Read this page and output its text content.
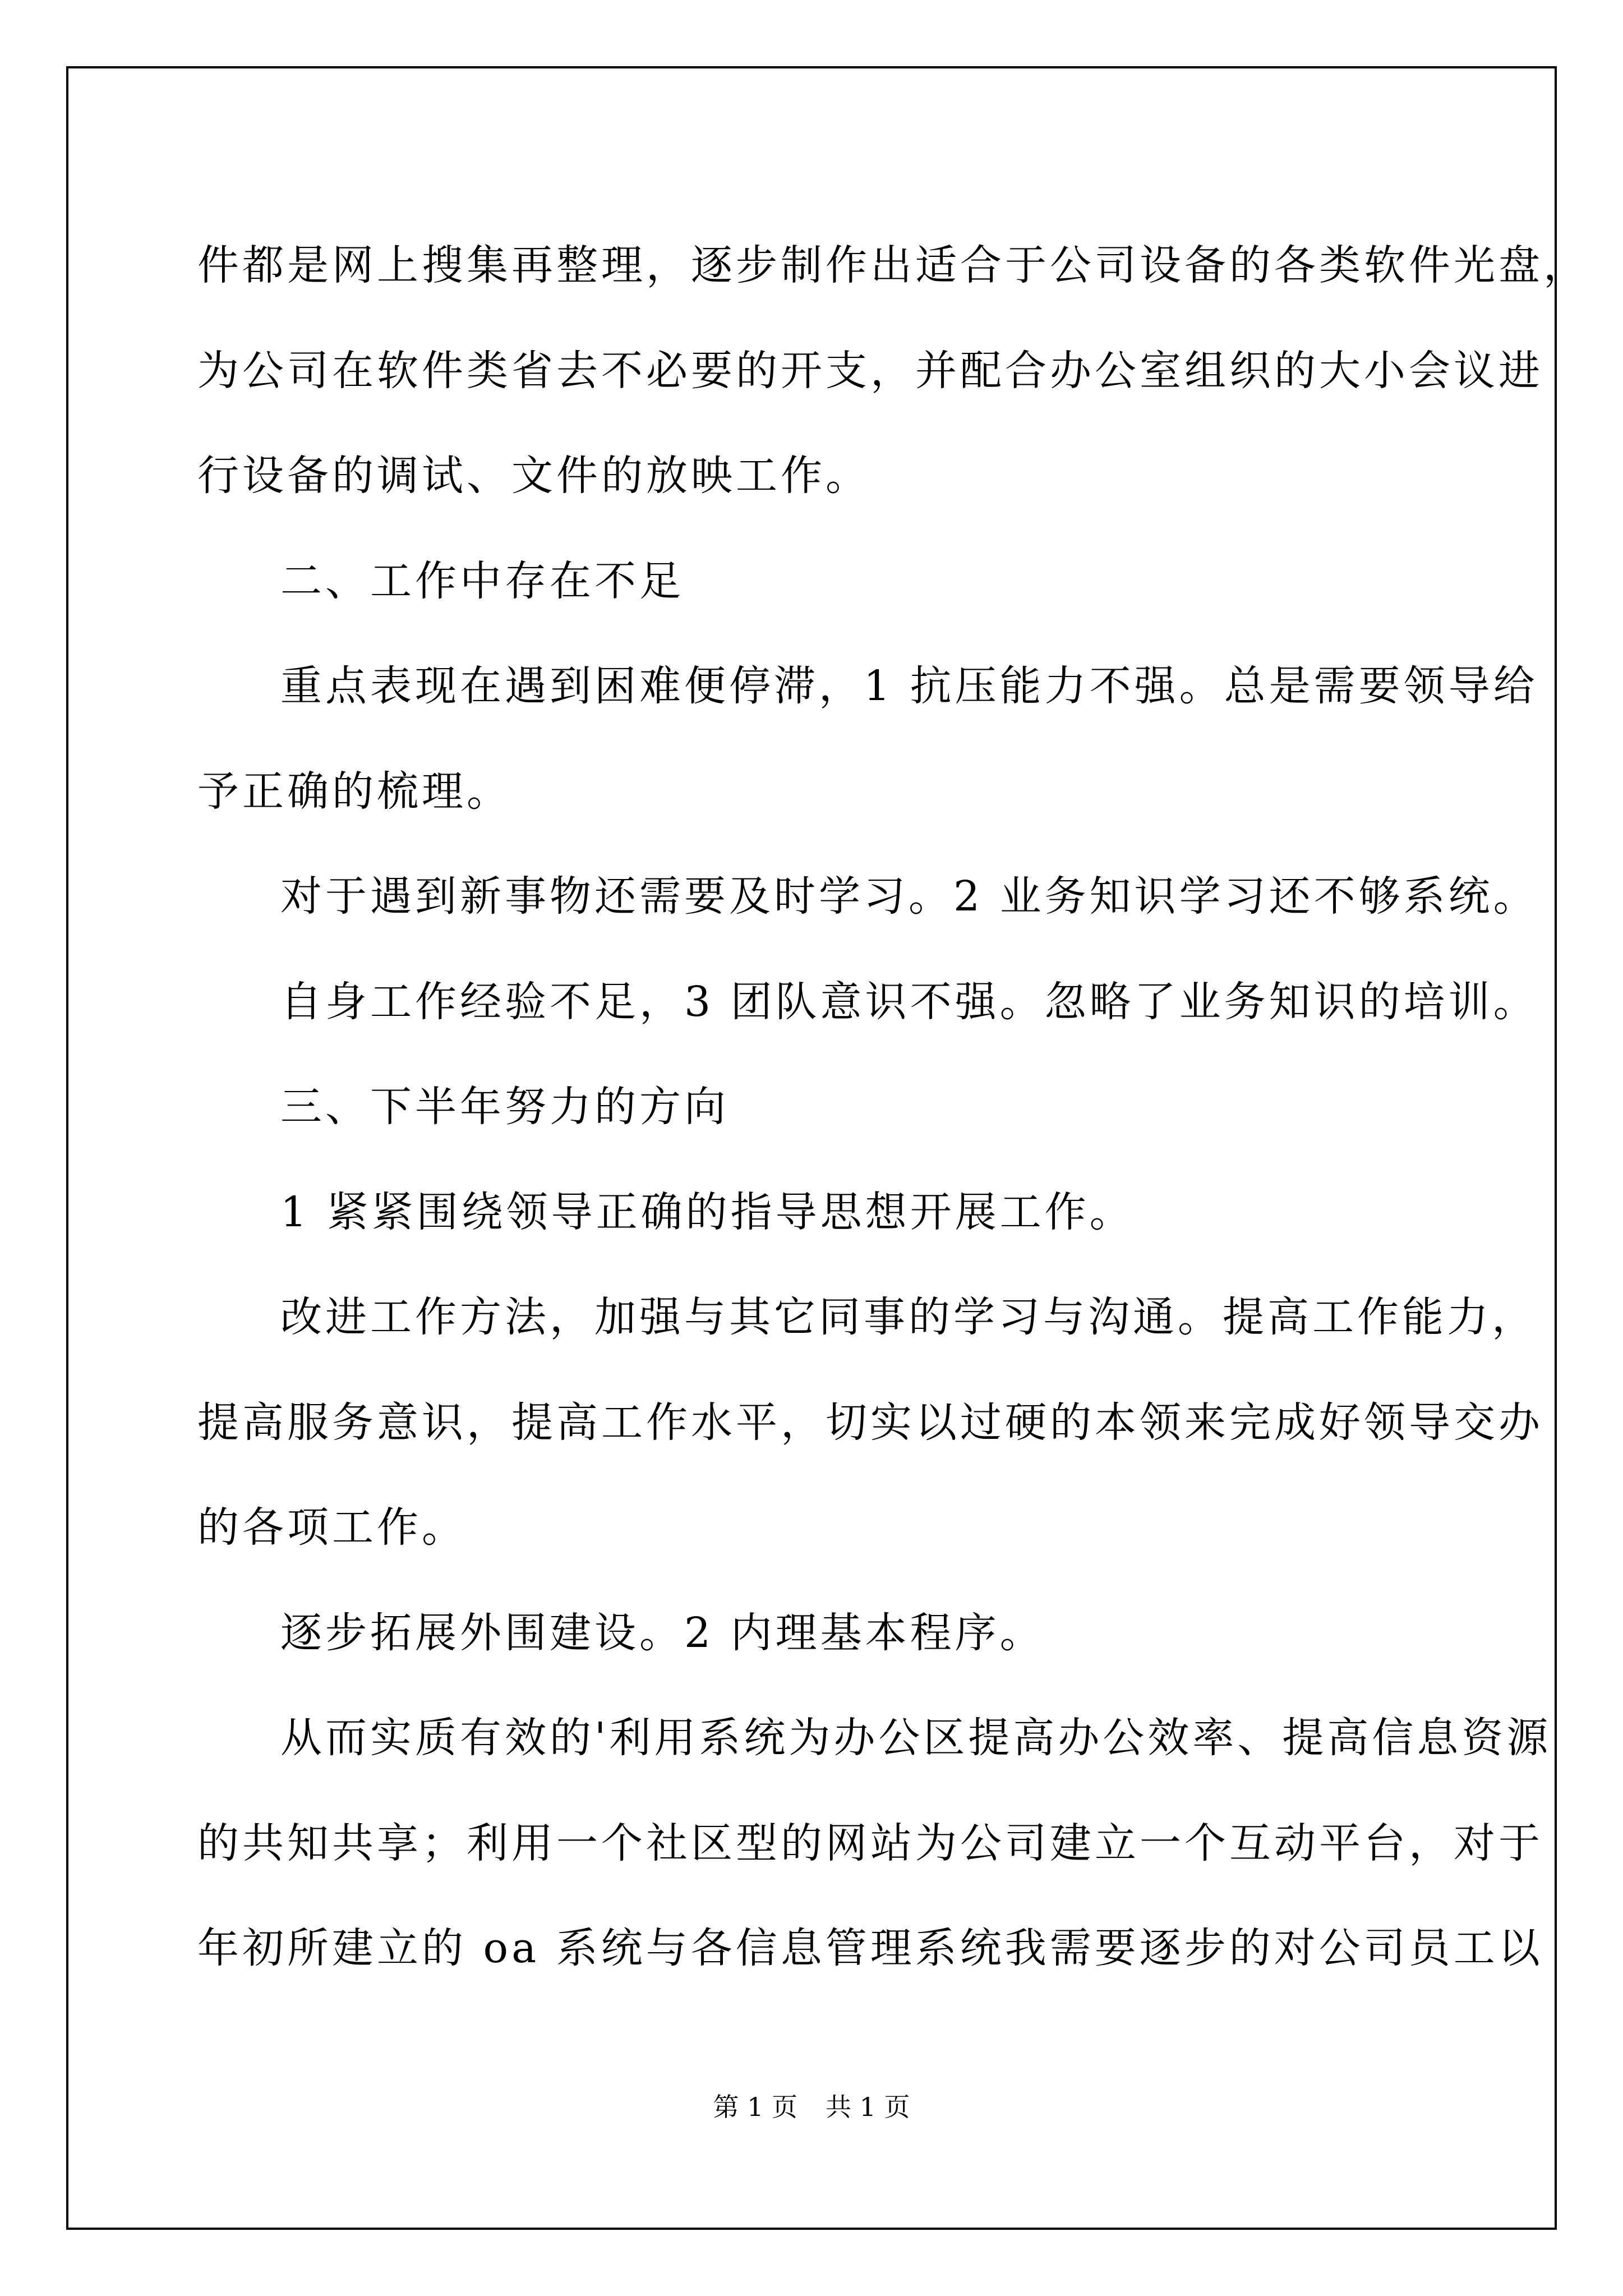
件都是网上搜集再整理，逐步制作出适合于公司设备的各类软件光盘，
为公司在软件类省去不必要的开支，并配合办公室组织的大小会议进
行设备的调试、文件的放映工作。
二、工作中存在不足
重点表现在遇到困难便停滞，1 抗压能力不强。总是需要领导给
予正确的梳理。
对于遇到新事物还需要及时学习。2 业务知识学习还不够系统。
自身工作经验不足，3 团队意识不强。忽略了业务知识的培训。
三、下半年努力的方向
1 紧紧围绕领导正确的指导思想开展工作。
改进工作方法，加强与其它同事的学习与沟通。提高工作能力，
提高服务意识，提高工作水平，切实以过硬的本领来完成好领导交办
的各项工作。
逐步拓展外围建设。2 内理基本程序。
从而实质有效的'利用系统为办公区提高办公效率、提高信息资源
的共知共享；利用一个社区型的网站为公司建立一个互动平台，对于
年初所建立的 oa 系统与各信息管理系统我需要逐步的对公司员工以
第 1 页 共 1 页
